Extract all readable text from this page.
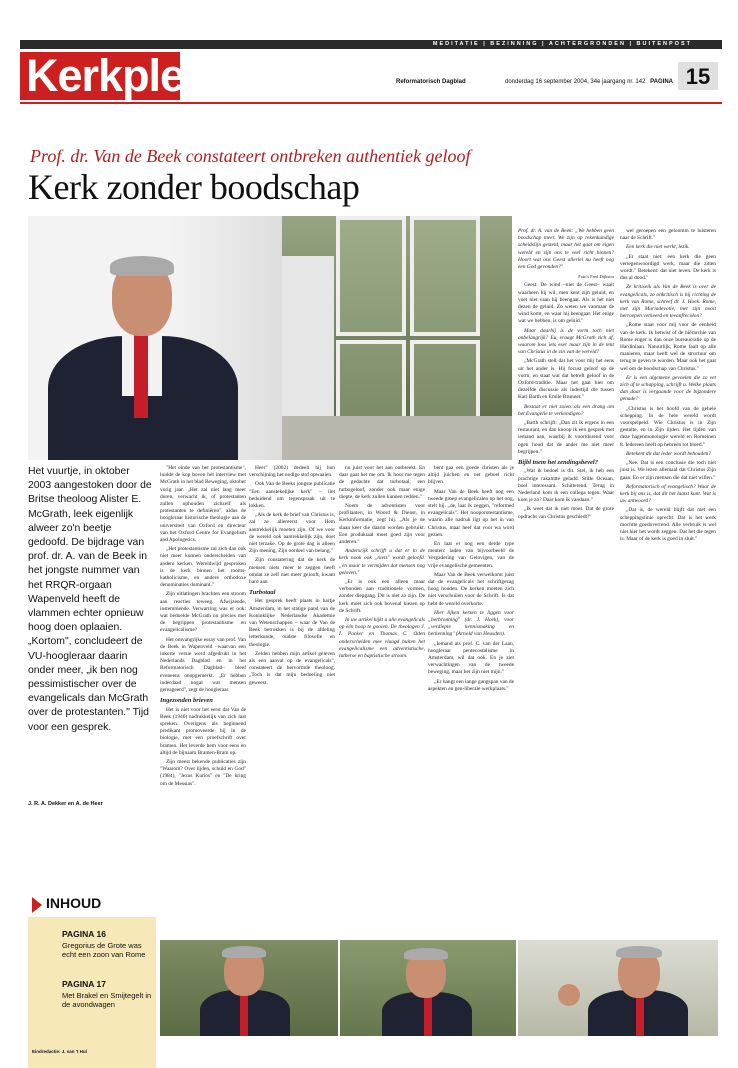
MEDITATIE | BEZINNING | ACHTERGRONDEN | BUITENPOST
Kerkplein	Reformatorisch Dagblad	donderdag 16 september 2004, 34e jaargang nr. 142 PAGINA 15
Prof. dr. Van de Beek constateert ontbreken authentiek geloof
Kerk zonder boodschap
Het vuurtje, in oktober 2003 aangestoken door de Britse theoloog Alister E. McGrath, leek eigenlijk alweer zo'n beetje gedoofd. De bijdrage van prof. dr. A. van de Beek in het jongste nummer van het RRQR-orgaan Wapenveld heeft de vlammen echter opnieuw hoog doen oplaaien. „Kortom", concludeert de VU-hoogleraar daarin onder meer, „ik ben nog pessimistischer over de evangelicals dan McGrath over de protestanten." Tijd voor een gesprek.
J. R. A. Dekker en A. de Heer
INHOUD
PAGINA 16
Gregorius de Grote was echt een zoon van Rome
PAGINA 17
Met Brakel en Smijtegelt in de avondwagen
Eindredactie: J. van 't Hul

"Het einde van het protestantisme", luidde de kop boven het interview met McGrath in het blad Beweging, oktober vorig jaar. „Het zal niet lang meer duren, verwacht ik, of protestanten zullen ophouden zichzelf als protestanten te definiëren", aldus de hoogleraar historische theologie aan de universiteit van Oxford en directeur van het Oxford Centre for Evangelism and Apologetics.

„Het protestantisme zal zich dan ook niet meer kunnen onderscheiden van andere kerken. Wereldwijd gesproken is de kerk binnen het rooms-katholicisme, en andere orthodoxe denominaties dominant."

Zijn uitlatingen brachten een stroom aan reacties teweeg. Afwijzende, instemmende. Verwarring was er ook: wat bedoelde McGrath nu precies met de begrippen protestantisme en evangelicalisme?

Het omvangrijke essay van prof. Van de Beek in Wapenveld –waarvan een inkorte versie werd afgedrukt in het Nederlands Dagblad en in het Reformatorisch Dagblad– bleef eveneens onopgemerkt. „Er hebben inderdaad nogal wat mensen gereageerd", zegt de hoogleraar.

Ingezonden brieven

Het is niet voor het eerst dat Van de Beek (1946) nadrukkelijk van zich laat spreken. Overigens als beginnend predikant promoveerde hij in de biologie, met een proefschrift over bramen. Het leverde hem voor eens en altijd de bijnaam Bramen-Bram op.

Zijn meest bekende publicaties zijn "Waarom? Over lijden, schuld en God" (1984), "Jezus Kurios" en "De kring om de Messias".

Heer" (2002) dedeelt hij hun verschijning het nodige stof opwaaien.

Ook Van de Beeks jongste publicatie "Een aanstekelijke kerk" – liet beduidend om tegenspraak uit te lokken.

„Als de kerk de brief van Christus is, zal ze allereerst voor Hem aantrekkelijk moeten zijn. Of we voor de wereld ook aantrekkelijk zijn, doet niet terzake. Op de grote dag is alleen Zijn mening, Zijn oordeel van belang."

Zijn constatering dat de kerk de mensen niets meer te zeggen heeft omdat ze zelf niet meer gelooft, kwam hard aan.

Turbotaal

Het gesprek heeft plaats in hartje Amsterdam, in het statige pand van de Koninklijke Nederlandse Akademie van Wetenschappen – waar de Van de Beek betrokken is bij de afdeling letterkunde, oudste filosofie en theologie.

Zelden hebben mijn artikel geleven als een aanval op de evangelicals", constateert de hervormde theoloog. „Toch is dat mijn bedoeling niet geweest.

nu juist voor het aan ontbreekt. En daar gaat het me om. Ik hoor me tegen de gedachte dat turbotaal, een turbogeloof, zonder ook maar enige diepte, de kerk zullen kunnen redden."

Noem de adventisten voor profilanten, in Woord & Dienst, in Kerkinformatie, zegt hij. „Als je de slaan keer die daarin worden gebruikt. Een produktaal moet goed zijn voor anderen."

Andersrijk schrijft u dat er in de kerk nook ook „niets" wordt geloofd. „en maar te vermijden dat mensen nog geloven."

„Er is ook een alleen maar verbonden aan traditionele vormen, zonder diepgang. Dit is niet zo zijn. De kerk moet zich ook bovenal kiezen op de Schrift.

In uw artikel kijkt u alle evangelicals op één hoop te gooien. De theologen J. I. Packer en Thomas C. Oden onderscheiden mee vlaagd buiten het evangelicalisme een adventistische, lutherse en baptistische stroom.

bent gaa een goede christen als je altijd juichen en net geboel richt blijven.

Maar Van de Beek heeft nog een tweede groep evangelicalen op het oog, stelt hij. „de, laat ik zeggen, "reformed evangelicals". Het nooporotestantisme, waarin alle nadruk ligt op het in van Christus, maar heef dat voor wa word gezien.

En laat er nog een derde type menten: laden van bijvoorbeeld de Vergadering van Gelovigen, van de vrije evangelische gemeenten.

Maar Van de Beek verwelkomt juist dat de evangelicals het schriftgezag hoog houden. De kerken moeten zich niet verschuilen voor de Schrift. Is dat hebt de wereld overkorte.

Hier lijken kerzen te liggen voor „herbronning" (dr. J. Hoek), voor „verdiepte kennismaking en herkenning" (Arnold van Heusden).

„Iemand als prof. C. van der Laan, hoogleraar pentecostalisme in Amsterdam, wil dat ook. En je ziet verwachtingen van de tweede beweging, maar het zijn niet mijn."

„Er hangt een lange gangspan van de aspekten en gen-liberale werkplaats."

Prof. dr. A. van de Beek: „We hebben geen boodschap meer. We zijn op rekenkundige scheidslijn gesteld, maar het gaat om eigen wereld en zijn ons te veel richt binnen? Hoort wat ons Geest allerlei nu heeft nog een God gevonden?"

Foto's Fred Dijkstra

Geest. De wind –niet de Geest– waait waarheen hij wil, men kent zijn geluid, en voet niet vaan hij beengaat. Als is het niet dezen de geluid. Zo weten we vanmaar de wind komt, en waar hij beengaat. Het enige wat we hebben, is om geluid."

Maar daarbij is de vorm toch niet onbelangrijk? Eu, vraagt McGrath zich af, waarom loos iets eser maar zijn in de tent van Christus in de zin van de wereld?

„McGrath stelt dat het voor mij het eens uit het ander is. Hij focust geloof op de vorm, en staat wat dat betreft geloof in de Oxford-traditie. Maar het gaat hier om dezelfde discussie als indertijd die tussen Karl Barth en Emile Brunner."

Bestaat er niet zoiets als een drang om het Evangelie te verkondigen?

„Barth schrijft: „Dan zit ik ergens in een restaurant, en dan knoop ik een gesprek met iemand aan, waarbij ik voortdurend voor ogen houd dat de ander me niet meer begrijpen."

Bijbl tnem het zendingsbevel?

„Wat ik bedoel is dit. Stel, ik heb een prachtige rakamtte geladd. Stille Oceaan, boel interessant. Schitterend. Terug in Nederland kom ik een collega tegen. Waar kom je zo? Daar kom ik vandaan."

„Ik weet dat ik niet moet. Dat de grote opdracht van Christus geschiedt?"

wel geroepen een geloomm te luisteren naar de Schrift."

Een kerk die niet werkt, lezik.

„Er staat niet: een kerk die geen vertegenwoordigd werk, maar die zitten wordt." Betekent: dat niet leven. De kerk is dus al dood."

Ze kritiseik als Van de Beek is over de evangelicals, zo onkritisch is hij richting de kerk van Rome, schreef dr. J. Hoek. Rome, met zijn Mariadevotie, met zijn nooit herroepen verkeerd en teeanfrecolon?

„Rome staat voor mij voor de eenheid van de kerk. Ik betwist of de hiërarchie van Rome enger is dan onze bureaucratie op de Hardinlaan. Natuurlijk, Rome faalt op alle manieren, maar heeft wel de structuur om terug te geven te worden. Maar ook het gaat wel om de boodschap van Christus."

Er is een algemene gevoelen die zo vet zich af te schapping, schrijft u. Welke plaats dan daar is vergaande voor de bijzondere genade?

„Christus is het hoofd van de gehele schepping. In de hele wereld wordt voorspelpeld. Wie Christus is in Zijn gestalte, en in Zijn lijden. Het lijden van deze hagenmonologie wereld en Romeinen 8. Iedereen heeft op hebreën tot bloed."

Betekent dit dat ieder wordt behouden?

„Nee. Dat is een conclusie die toch niet juist is. We lezen allemaal dat Christus Zijn gaan. En er zijn mensen die dat niet willen."

Reformatorisch of evangelisch? Waar de kerk bij ons is, dat dit het laatst kunt. Wat is uw antwoord?

„Dat is, de wereld blijft dat met een scheppingslinie oprecht. Dat is het werk mochtte goedoverrend. Alle verbruik is wel niet hier het wordt zeggen. Dat het die tegen is. Maar of de kerk is goed in sluit."
